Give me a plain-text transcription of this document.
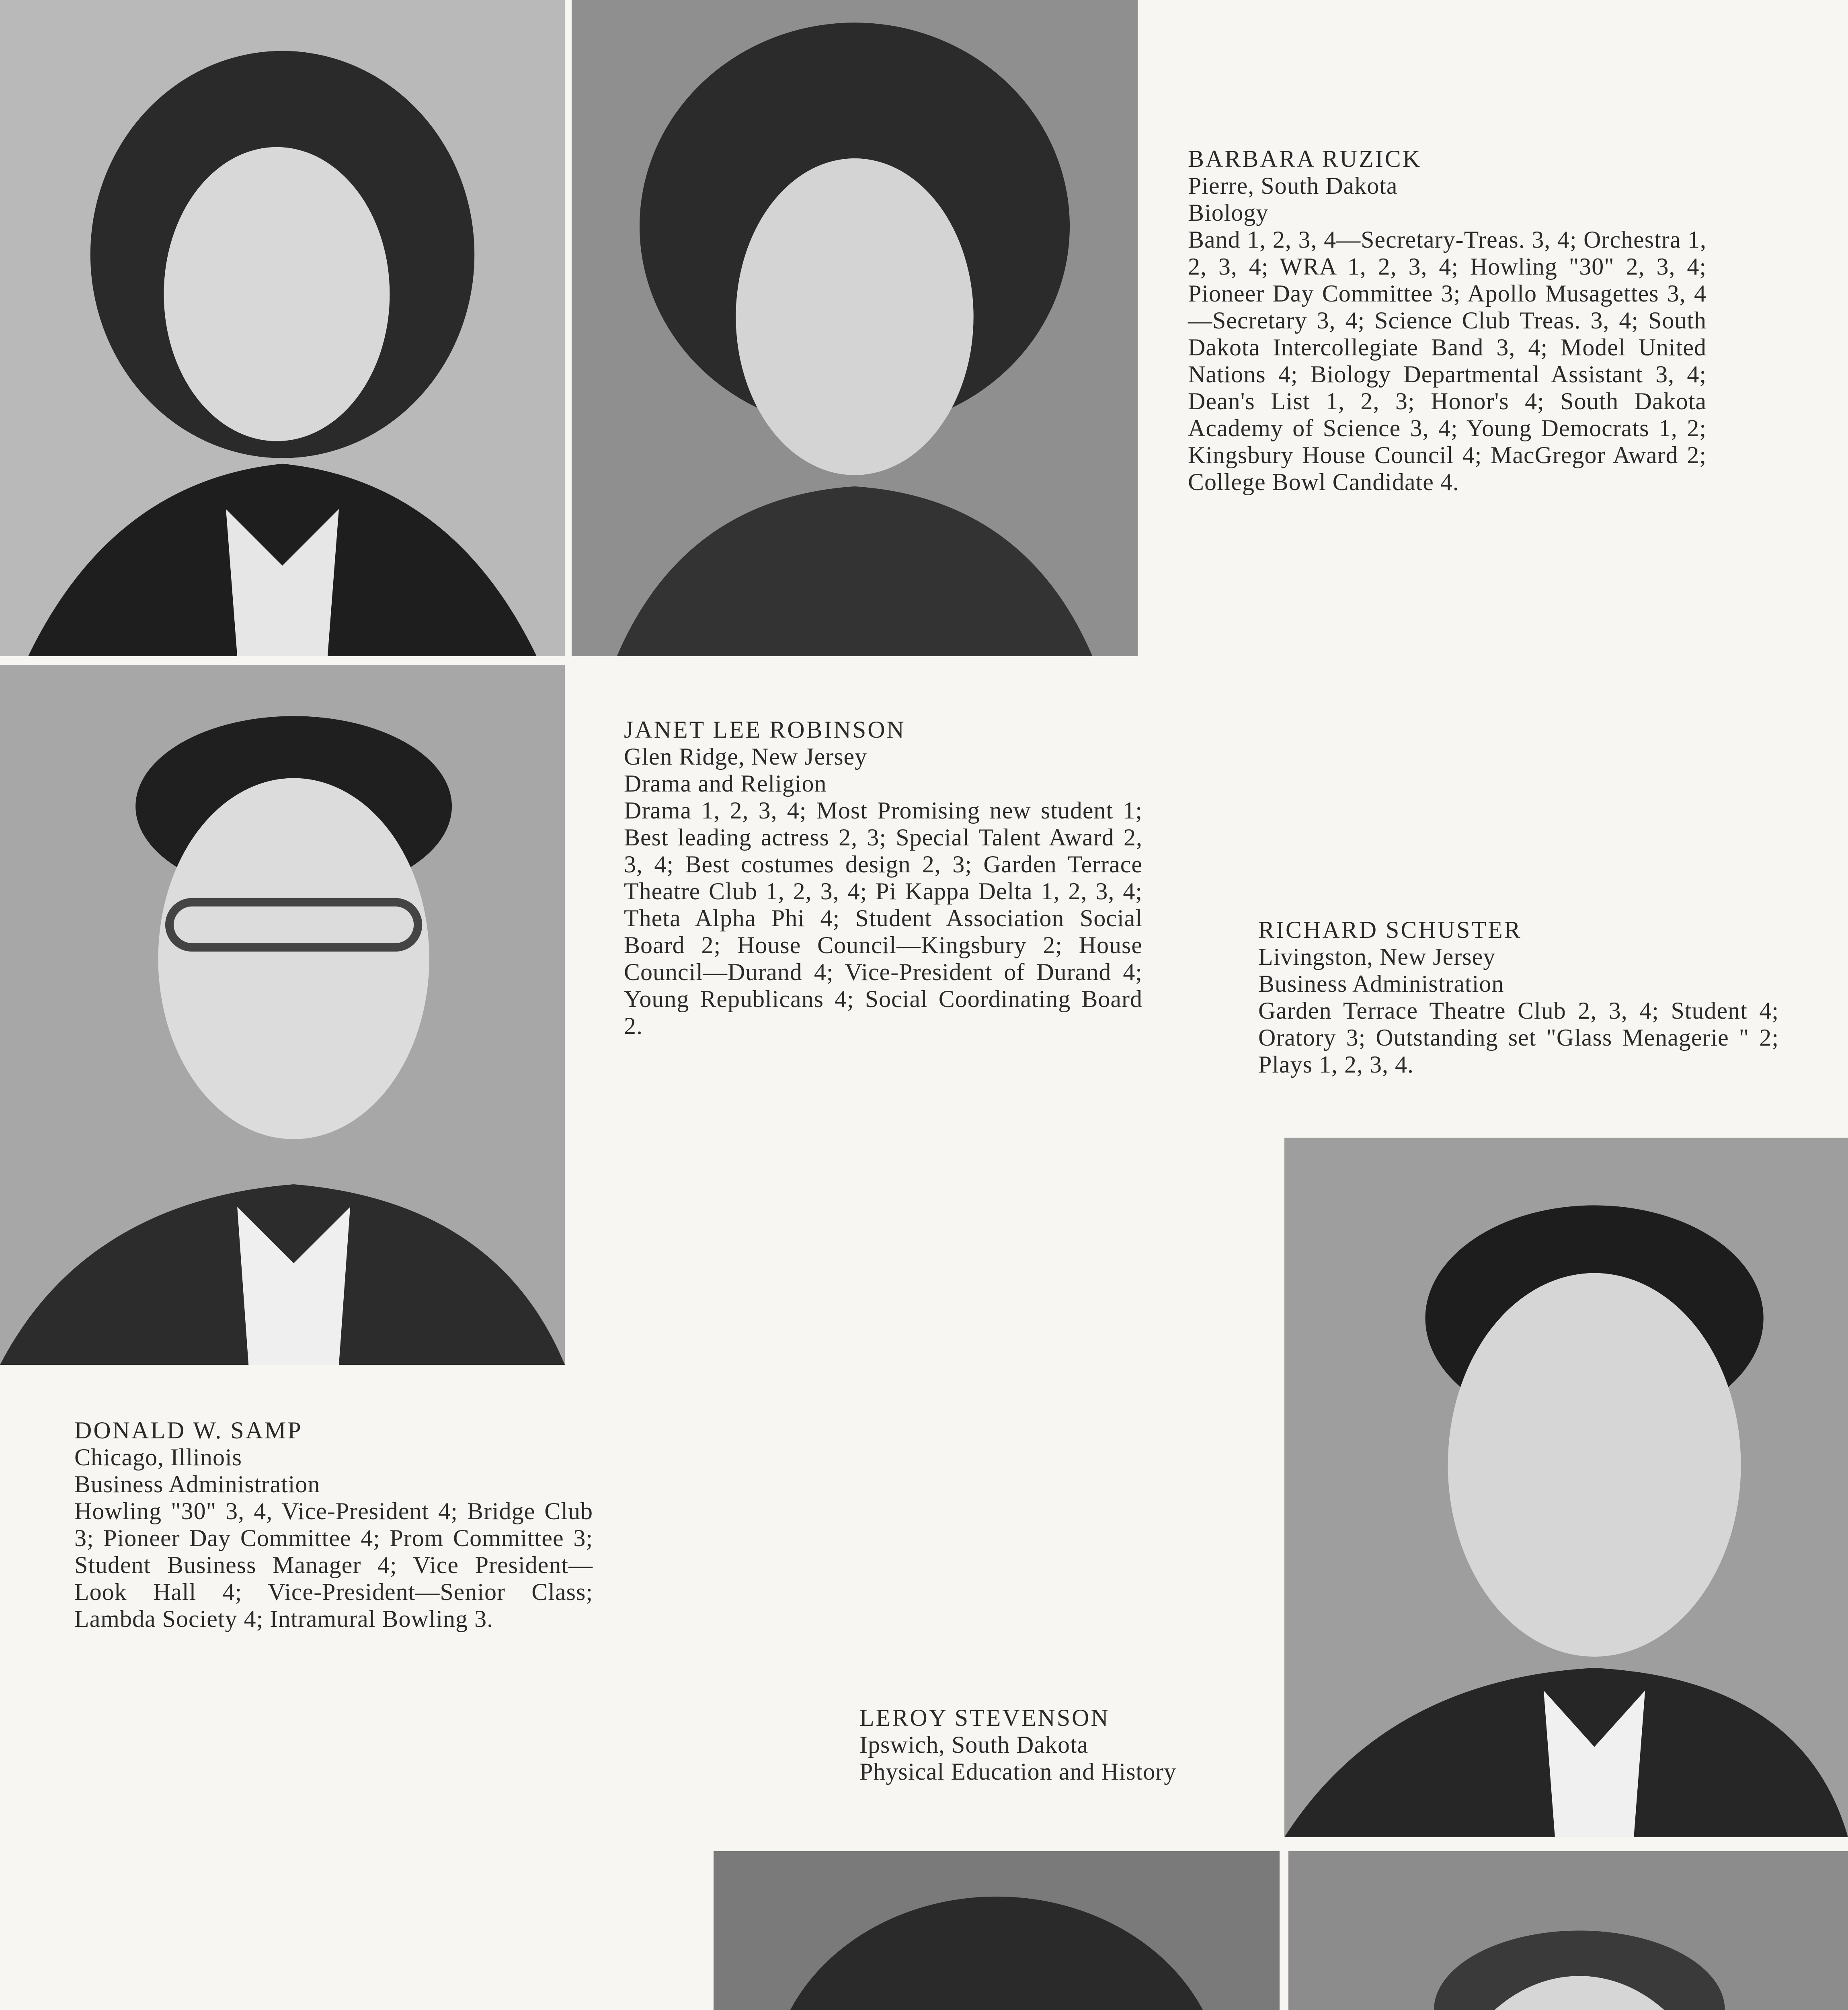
BARBARA RUZICK
Pierre, South Dakota
Biology
Band 1, 2, 3, 4—Secretary-Treas. 3, 4; Orchestra 1, 2, 3, 4; WRA 1, 2, 3, 4; Howling "30" 2, 3, 4; Pioneer Day Committee 3; Apollo Musagettes 3, 4—Secretary 3, 4; Science Club Treas. 3, 4; South Dakota Intercollegiate Band 3, 4; Model United Nations 4; Biology Departmental Assistant 3, 4; Dean's List 1, 2, 3; Honor's 4; South Dakota Academy of Science 3, 4; Young Democrats 1, 2; Kingsbury House Council 4; MacGregor Award 2; College Bowl Candidate 4.
JANET LEE ROBINSON
Glen Ridge, New Jersey
Drama and Religion
Drama 1, 2, 3, 4; Most Promising new student 1; Best leading actress 2, 3; Special Talent Award 2, 3, 4; Best costumes design 2, 3; Garden Terrace Theatre Club 1, 2, 3, 4; Pi Kappa Delta 1, 2, 3, 4; Theta Alpha Phi 4; Student Association Social Board 2; House Council—Kingsbury 2; House Council—Durand 4; Vice-President of Durand 4; Young Republicans 4; Social Coordinating Board 2.
RICHARD SCHUSTER
Livingston, New Jersey
Business Administration
Garden Terrace Theatre Club 2, 3, 4; Student 4; Oratory 3; Outstanding set "Glass Menagerie " 2; Plays 1, 2, 3, 4.
DONALD W. SAMP
Chicago, Illinois
Business Administration
Howling "30" 3, 4, Vice-President 4; Bridge Club 3; Pioneer Day Committee 4; Prom Committee 3; Student Business Manager 4; Vice President—Look Hall 4; Vice-President—Senior Class; Lambda Society 4; Intramural Bowling 3.
LEROY STEVENSON
Ipswich, South Dakota
Physical Education and History
